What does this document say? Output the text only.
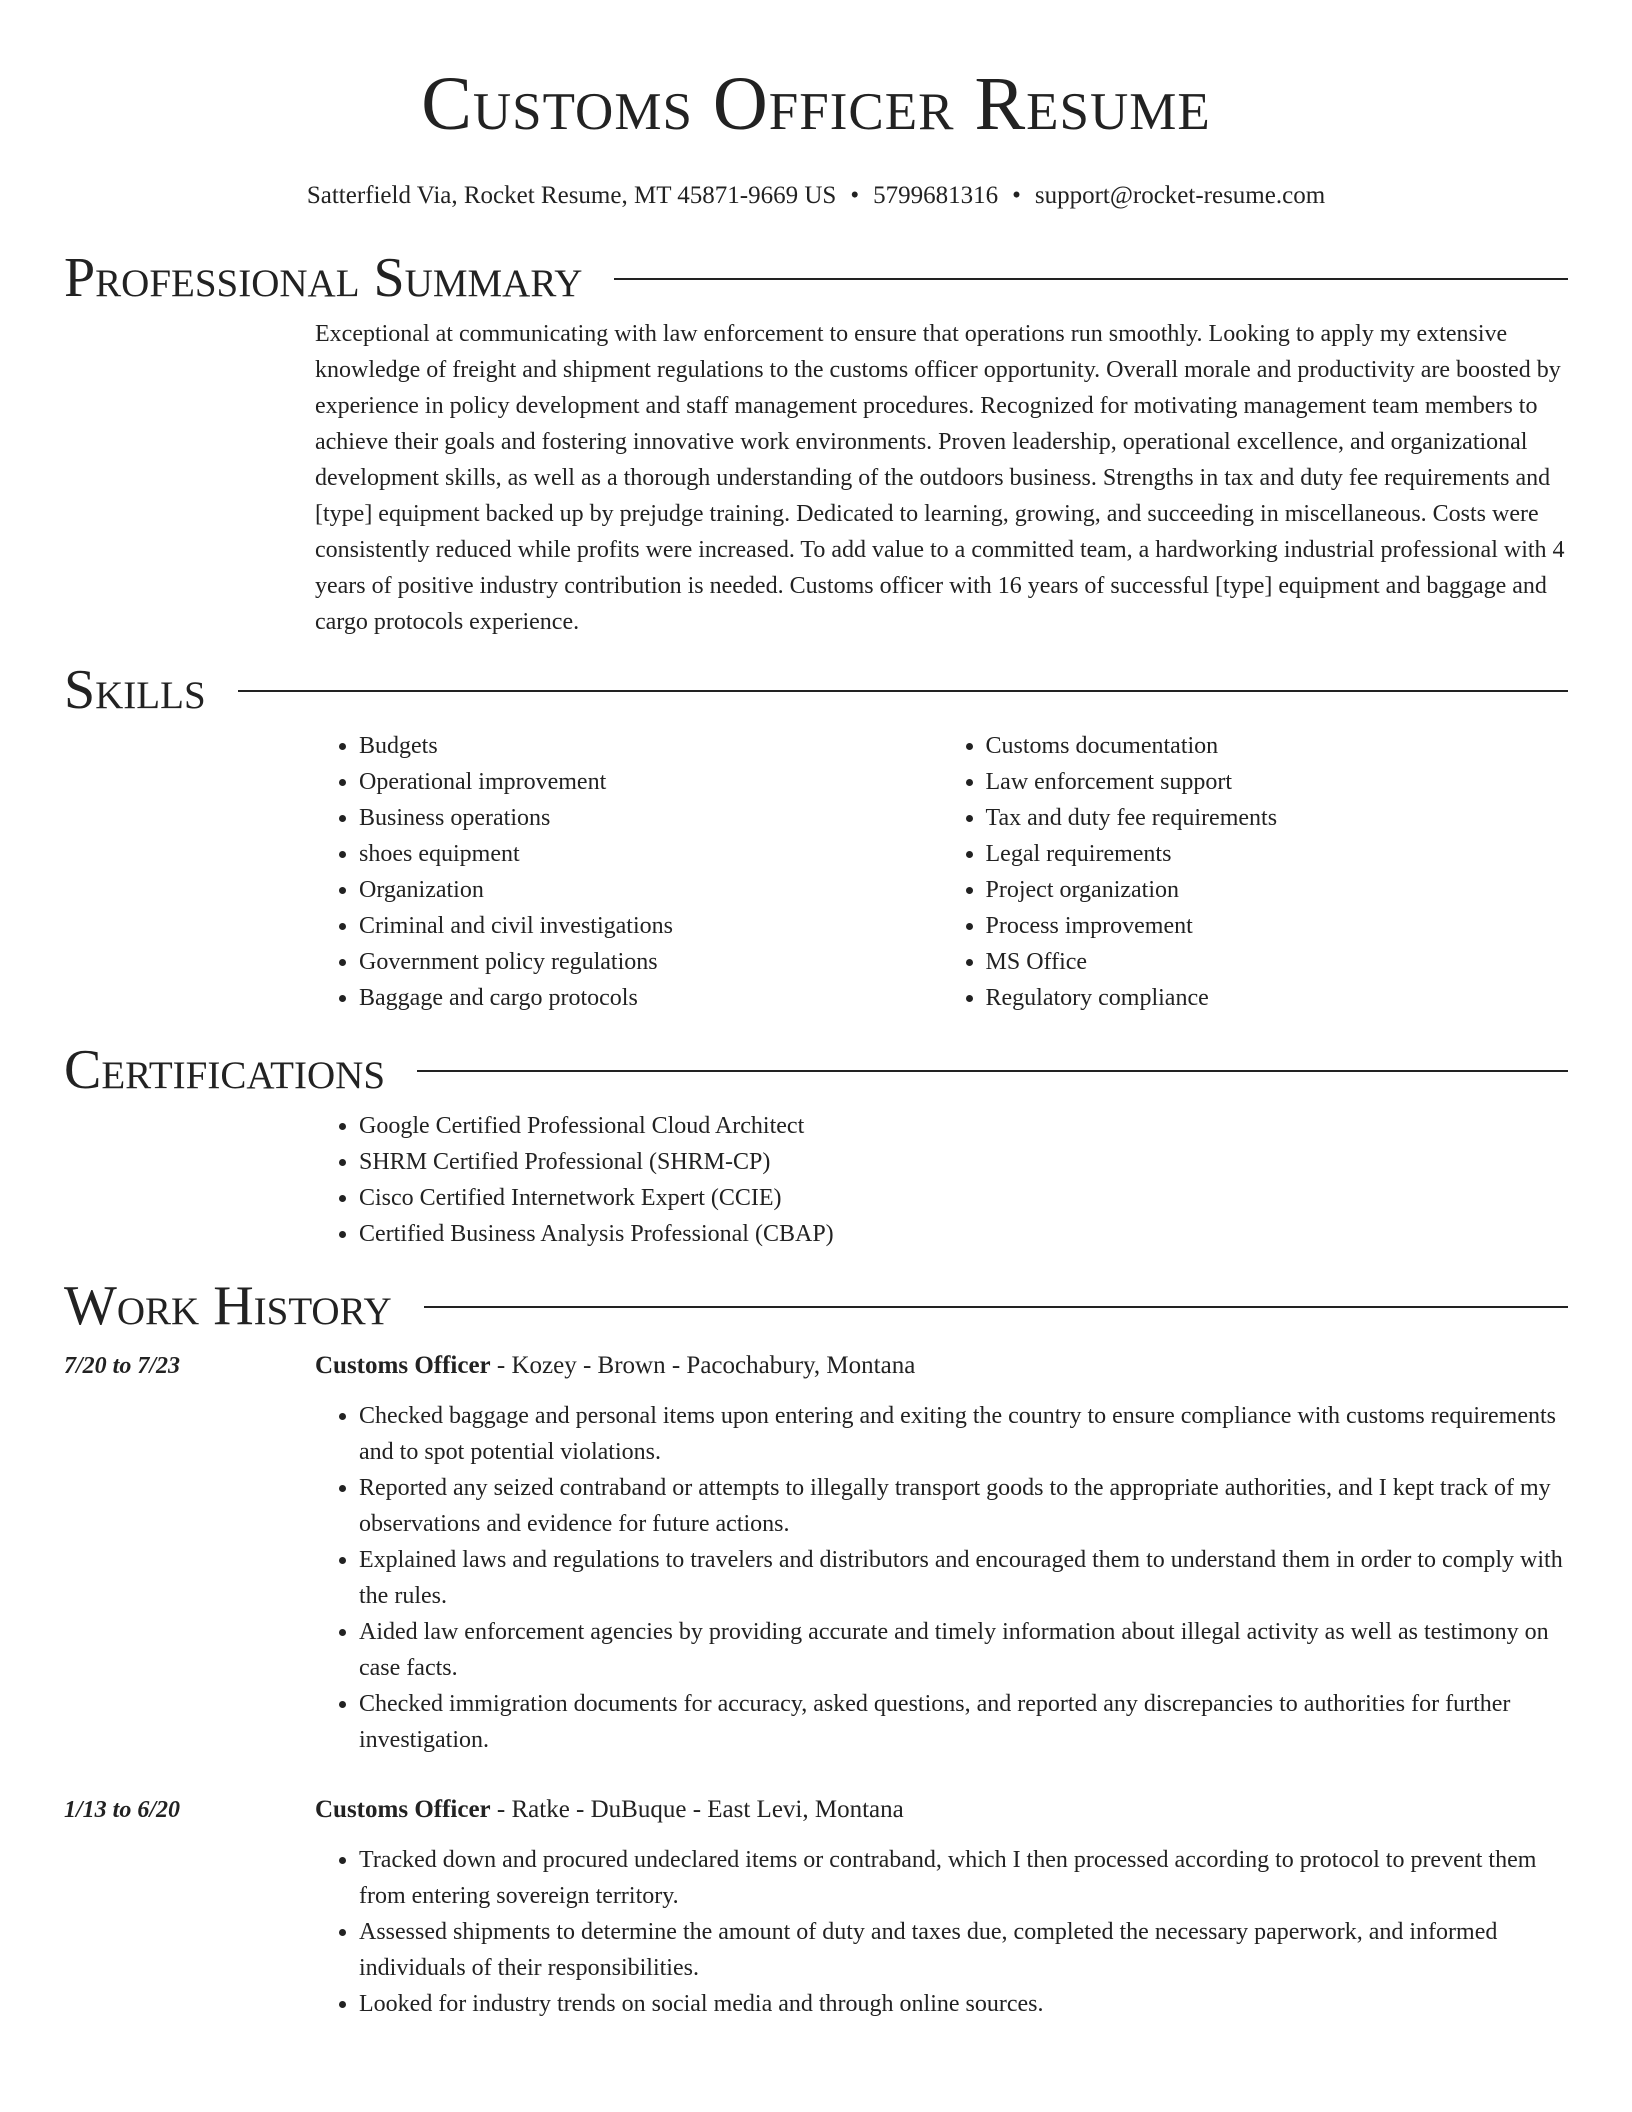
Customs Officer Resume
Satterfield Via, Rocket Resume, MT 45871-9669 US • 5799681316 • support@rocket-resume.com
Professional Summary
Exceptional at communicating with law enforcement to ensure that operations run smoothly. Looking to apply my extensive knowledge of freight and shipment regulations to the customs officer opportunity. Overall morale and productivity are boosted by experience in policy development and staff management procedures. Recognized for motivating management team members to achieve their goals and fostering innovative work environments. Proven leadership, operational excellence, and organizational development skills, as well as a thorough understanding of the outdoors business. Strengths in tax and duty fee requirements and [type] equipment backed up by prejudge training. Dedicated to learning, growing, and succeeding in miscellaneous. Costs were consistently reduced while profits were increased. To add value to a committed team, a hardworking industrial professional with 4 years of positive industry contribution is needed. Customs officer with 16 years of successful [type] equipment and baggage and cargo protocols experience.
Skills
• Budgets
• Operational improvement
• Business operations
• shoes equipment
• Organization
• Criminal and civil investigations
• Government policy regulations
• Baggage and cargo protocols
• Customs documentation
• Law enforcement support
• Tax and duty fee requirements
• Legal requirements
• Project organization
• Process improvement
• MS Office
• Regulatory compliance
Certifications
• Google Certified Professional Cloud Architect
• SHRM Certified Professional (SHRM-CP)
• Cisco Certified Internetwork Expert (CCIE)
• Certified Business Analysis Professional (CBAP)
Work History
7/20 to 7/23	Customs Officer - Kozey - Brown - Pacochabury, Montana
• Checked baggage and personal items upon entering and exiting the country to ensure compliance with customs requirements and to spot potential violations.
• Reported any seized contraband or attempts to illegally transport goods to the appropriate authorities, and I kept track of my observations and evidence for future actions.
• Explained laws and regulations to travelers and distributors and encouraged them to understand them in order to comply with the rules.
• Aided law enforcement agencies by providing accurate and timely information about illegal activity as well as testimony on case facts.
• Checked immigration documents for accuracy, asked questions, and reported any discrepancies to authorities for further investigation.
1/13 to 6/20	Customs Officer - Ratke - DuBuque - East Levi, Montana
• Tracked down and procured undeclared items or contraband, which I then processed according to protocol to prevent them from entering sovereign territory.
• Assessed shipments to determine the amount of duty and taxes due, completed the necessary paperwork, and informed individuals of their responsibilities.
• Looked for industry trends on social media and through online sources.
